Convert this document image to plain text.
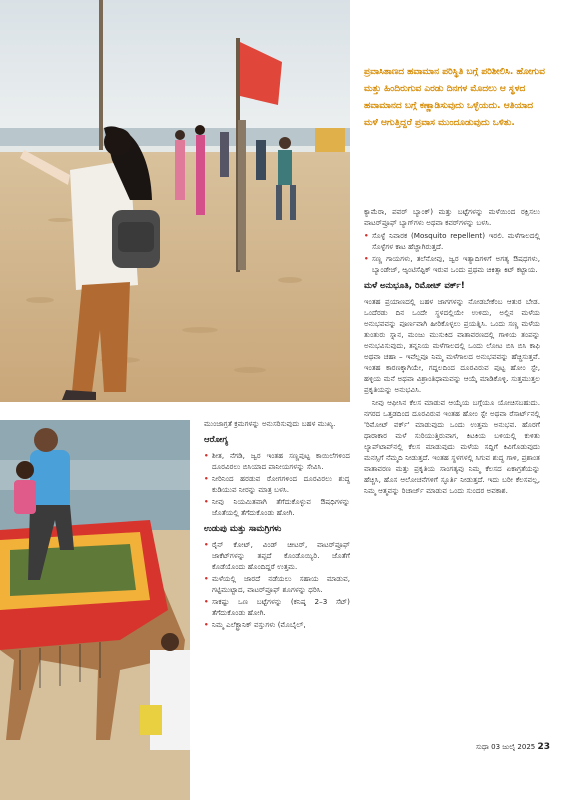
ಪ್ರವಾಸಿತಾಣದ ಹವಾಮಾನ ಪರಿಸ್ಥಿತಿ ಬಗ್ಗೆ ಪರಿಶೀಲಿಸಿ. ಹೋಗುವ ಮತ್ತು ಹಿಂದಿರುಗುವ ಎರಡು ದಿನಗಳ ಮೊದಲು ಆ ಸ್ಥಳದ ಹವಾಮಾನದ ಬಗ್ಗೆ ಕಣ್ಣಾಡಿಸುವುದು ಒಳ್ಳೆಯದು. ಆತಿಯಾದ ಮಳೆ ಆಗುತ್ತಿದ್ದರೆ ಪ್ರವಾಸ ಮುಂದೂಡುವುದು ಒಳಿತು.

ಕ್ಯಾಮೆರಾ, ಪವರ್ ಬ್ಯಾಂಕ್) ಮತ್ತು ಬಟ್ಟೆಗಳನ್ನು ಮಳೆಯಿಂದ ರಕ್ಷಿಸಲು ವಾಟರ್‌ಪ್ರೂಫ್ ಬ್ಯಾಗ್‌ಗಳು ಅಥವಾ ಕವರ್‌ಗಳನ್ನು ಬಳಸಿ.

• ಸೊಳ್ಳೆ ನಿವಾರಕ (Mosquito repellent) ಇರಲಿ. ಮಳೆಗಾಲದಲ್ಲಿ ಸೊಳ್ಳೆಗಳ ಕಾಟ ಹೆಚ್ಚಾಗಿರುತ್ತದೆ.
• ಸಣ್ಣ ಗಾಯಗಳು, ತಲೆನೋವು, ಜ್ವರ ಇತ್ಯಾದಿಗಳಿಗೆ ಅಗತ್ಯ ಔಷಧಗಳು, ಬ್ಯಾಂಡೇಜ್, ಆ್ಯಂಟಿಸೆಪ್ಟಿಕ್ ಇರುವ ಒಂದು ಪ್ರಥಮ ಚಿಕಿತ್ಸಾ ಕಿಟ್ ಕಟ್ಟಾಯ.
ಮಳೆ ಅನುಭೂತಿ, ರಿಮೋಟ್ ವರ್ಕ್!

ಇಂತಹ ಪ್ರಯಾಣದಲ್ಲಿ ಬಹಳ ಜಾಗಗಳನ್ನು ನೋಡಬೇಕೆಂಬ ಆತುರ ಬೇಡ. ಒಂದೆರಡು ದಿನ ಒಂದೇ ಸ್ಥಳದಲ್ಲಿಯೇ ಉಳಿದು, ಅಲ್ಲಿನ ಮಳೆಯ ಅನುಭವವನ್ನು ಪೂರ್ಣವಾಗಿ ಹೀರಿಕೊಳ್ಳಲು ಪ್ರಯತ್ನಿಸಿ. ಒಂದು ಸಣ್ಣ ಮಳೆಯ ತುಂತುರು ಸ್ನಾನ, ಮಂಜು ಮುಸುಕಿದ ವಾತಾವರಣದಲ್ಲಿ ಗಾಳಿಯ ತಂಪನ್ನು ಅನುಭವಿಸುವುದು, ತನ್ನನಿಯ ಮಳೆಗಾಲದಲ್ಲಿ ಒಂದು ಲೋಟ ಬಿಸಿ ಬಿಸಿ ಕಾಫಿ ಅಥವಾ ಚಹಾ – ಇವೆಲ್ಲವೂ ನಿಮ್ಮ ಮಳೆಗಾಲದ ಅನುಭವವನ್ನು ಹೆಚ್ಚಿಸುತ್ತವೆ. ಇಂತಹ ಕಾರಣಕ್ಕಾಗಿಯೇ, ಗದ್ದಲದಿಂದ ದೂರವಿರುವ ಪುಟ್ಟ ಹೋಂ ಸ್ಟೇ, ಹಳ್ಳಿಯ ಮನೆ ಅಥವಾ ವಿಶ್ರಾಂತಿಧಾಮವನ್ನು ಆಯ್ಕೆ ಮಾಡಿಕೊಳ್ಳಿ. ಸುತ್ತಮುತ್ತಲ ಪ್ರಕೃತಿಯನ್ನು ಅನುಭವಿಸಿ.

ನೀವು ಆಫೀಸಿನ ಕೆಲಸ ಮಾಡುವ ಆಯ್ಕೆಯ ಬಗ್ಗೆಯೂ ಯೋಚಿಸಬಹುದು. ನಗರದ ಒತ್ತಡದಿಂದ ದೂರವಿರುವ ಇಂತಹ ಹೋಂ ಸ್ಟೇ ಅಥವಾ ರೆಸಾರ್ಟ್‌ನಲ್ಲಿ 'ರಿಮೋಟ್ ವರ್ಕ್' ಮಾಡುವುದು ಒಂದು ಉತ್ತಮ ಅನುಭವ. ಹೊರಗೆ ಧಾರಾಕಾರ ಮಳೆ ಸುರಿಯುತ್ತಿರುವಾಗ, ಕಿಟಕಿಯ ಬಳಿಯಲ್ಲಿ ಕುಳಿತು ಲ್ಯಾಪ್‌ಟಾಪ್‌ನಲ್ಲಿ ಕೆಲಸ ಮಾಡುವುದು ಮಳೆಯ ಸದ್ದಿಗೆ ಕಿವಿಗೊಡುವುದು ಮನಸ್ಸಿಗೆ ನೆಮ್ಮದಿ ನೀಡುತ್ತದೆ. ಇಂತಹ ಸ್ಥಳಗಳಲ್ಲಿ ಸಿಗುವ ಶುದ್ಧ ಗಾಳಿ, ಪ್ರಶಾಂತ ವಾತಾವರಣ ಮತ್ತು ಪ್ರಕೃತಿಯ ಸಾಂಗತ್ಯವು ನಿಮ್ಮ ಕೆಲಸದ ಏಕಾಗ್ರತೆಯನ್ನು ಹೆಚ್ಚಿಸಿ, ಹೊಸ ಆಲೋಚನೆಗಳಿಗೆ ಸ್ಫೂರ್ತಿ ನೀಡುತ್ತದೆ. ಇದು ಬರೀ ಕೆಲಸವಲ್ಲ, ನಿಮ್ಮ ಆತ್ಮವನ್ನು ರಿಚಾರ್ಜ್ ಮಾಡುವ ಒಂದು ಸುಂದರ ಅವಕಾಶ.

ಮುಂಜಾಗ್ರತೆ ಕ್ರಮಗಳನ್ನು ಅನುಸರಿಸುವುದು ಬಹಳ ಮುಖ್ಯ.

ಆರೋಗ್ಯ
• ಶೀತ, ನೆಗಡಿ, ಜ್ವರ ಇಂತಹ ಸಣ್ಣಪುಟ್ಟ ಕಾಯಿಲೆಗಳಿಂದ ದೂರವಿರಲು ಬಿಸಿಯಾದ ಪಾನೀಯಗಳನ್ನು ಸೇವಿಸಿ.
• ನೀರಿನಿಂದ ಹರಡುವ ರೋಗಗಳಿಂದ ದೂರವಿರಲು ಶುದ್ಧ ಕುಡಿಯುವ ನೀರನ್ನು ಮಾತ್ರ ಬಳಸಿ.
• ನೀವು ನಿಯಮಿತವಾಗಿ ತೆಗೆದುಕೊಳ್ಳುವ ಔಷಧಿಗಳನ್ನು ಜೊತೆಯಲ್ಲಿ ತೆಗೆದುಕೊಂಡು ಹೋಗಿ.
ಉಡುಪು ಮತ್ತು ಸಾಮಗ್ರಿಗಳು
• ರೈನ್ ಕೋಟ್, ವಿಂಡ್ ಚೀಟರ್, ವಾಟರ್‌ಪ್ರೂಫ್ ಜಾಕೆಟ್‌ಗಳನ್ನು ತಪ್ಪದೆ ಕೊಂಡೊಯ್ಯಿರಿ. ಜೊತೆಗೆ ಕೊಡೆಯೊಂದು ಹೊಂದಿದ್ದರೆ ಉತ್ತಮ.
• ಮಳೆಯಲ್ಲಿ ಜಾರದೆ ನಡೆಯಲು ಸಹಾಯ ಮಾಡುವ, ಗಟ್ಟಿಮುಟ್ಟಾದ, ವಾಟರ್‌ಪ್ರೂಫ್ ಶೂಗಳನ್ನು ಧರಿಸಿ.
• ಸಾಕಷ್ಟು ಒಣ ಬಟ್ಟೆಗಳನ್ನು (ಕನಿಷ್ಠ 2–3 ಸೆಟ್) ತೆಗೆದುಕೊಂಡು ಹೋಗಿ.
• ನಿಮ್ಮ ಎಲೆಕ್ಟ್ರಾನಿಕ್ ವಸ್ತುಗಳು (ಮೊಬೈಲ್,
ಸುಧಾ 03 ಜುಲೈ 2025 23
